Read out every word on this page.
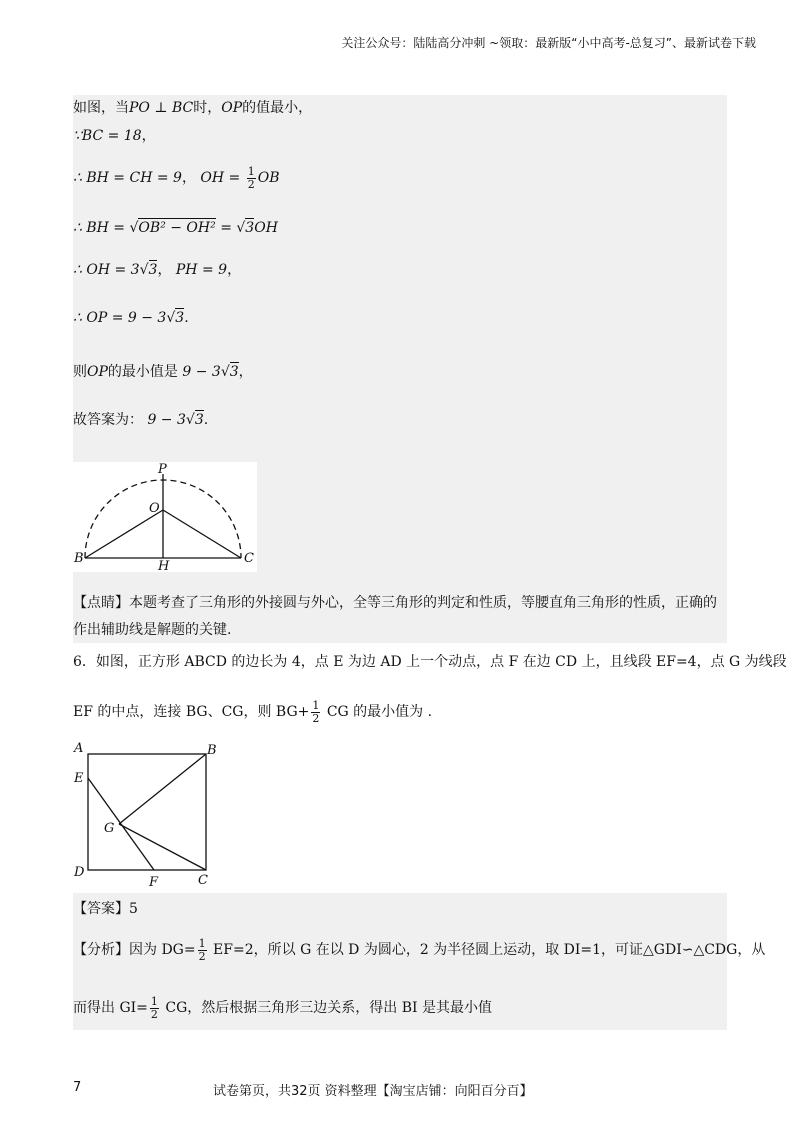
关注公众号：陆陆高分冲刺 ~领取：最新版“小中高考-总复习”、最新试卷下载
如图，当PO ⊥ BC时，OP的值最小，
∵BC = 18，
∴ BH = CH = 9， OH = $\frac{1}{2}$ OB
∴ BH = √OB² − OH² = √3OH
∴ OH = 3√3， PH = 9，
∴ OP = 9 − 3√3.
则OP的最小值是 9 − 3√3，
故答案为： 9 − 3√3.
P
O
B
H
C
【点睛】本题考查了三角形的外接圆与外心，全等三角形的判定和性质，等腰直角三角形的性质，正确的
作出辅助线是解题的关键.
6．如图，正方形 ABCD 的边长为 4，点 E 为边 AD 上一个动点，点 F 在边 CD 上，且线段 EF=4，点 G 为线段
EF 的中点，连接 BG、CG，则 $BG+ \frac{1}{2}$ CG 的最小值为 .
A	B
E
G
D
F	C
【答案】5
【分析】因为 $DG= \frac{1}{2} EF=2$，所以 G 在以 D 为圆心，2 为半径圆上运动，取 DI=1，可证△GDI∽△CDG，从
而得出 $GI= \frac{1}{2}$ CG，然后根据三角形三边关系，得出 BI 是其最小值
7	试卷第页，共32页 资料整理【淘宝店铺：向阳百分百】
